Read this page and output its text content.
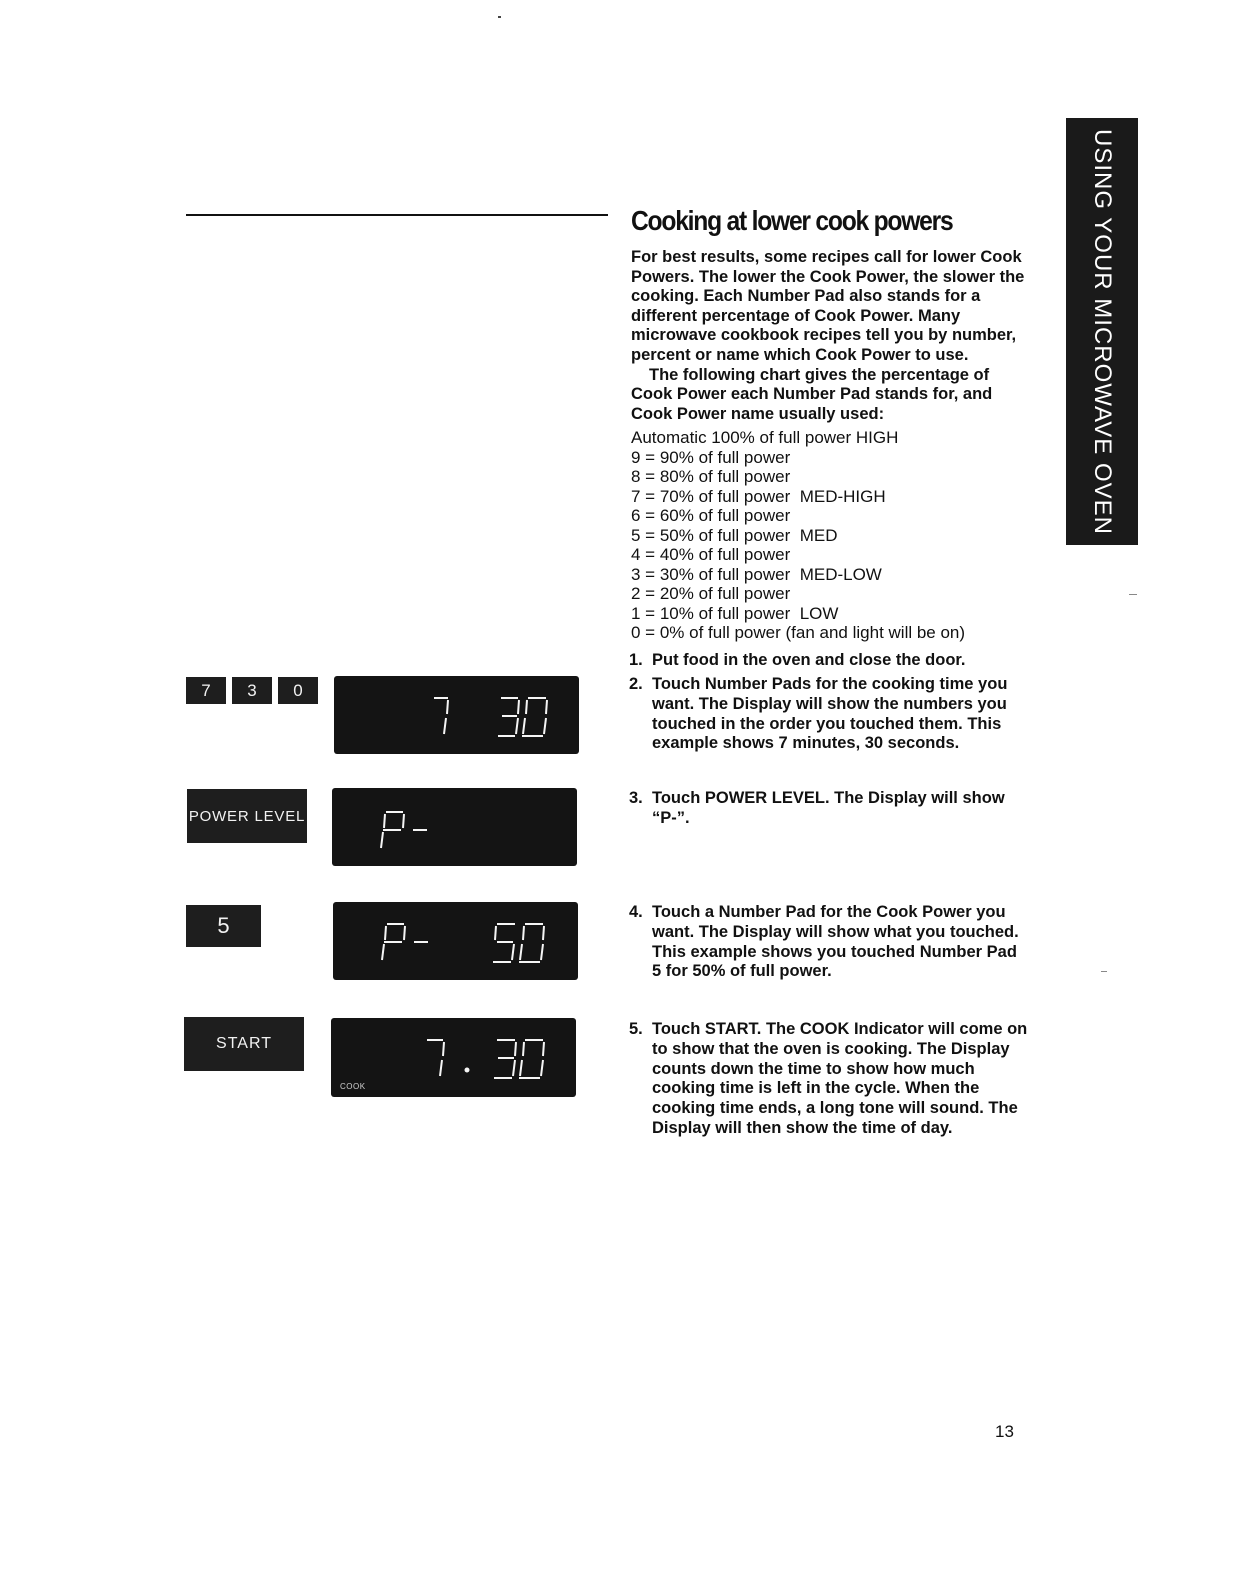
Cooking at lower cook powers

For best results, some recipes call for lower Cook Powers. The lower the Cook Power, the slower the cooking. Each Number Pad also stands for a different percentage of Cook Power. Many microwave cookbook recipes tell you by number, percent or name which Cook Power to use.

The following chart gives the percentage of Cook Power each Number Pad stands for, and Cook Power name usually used:

Automatic 100% of full power HIGH
9 = 90% of full power
8 = 80% of full power
7 = 70% of full power MED-HIGH
6 = 60% of full power
5 = 50% of full power MED
4 = 40% of full power
3 = 30% of full power MED-LOW
2 = 20% of full power
1 = 10% of full power LOW
0 = 0% of full power (fan and light will be on)
1. Put food in the oven and close the door.
2. Touch Number Pads for the cooking time you want. The Display will show the numbers you touched in the order you touched them. This example shows 7 minutes, 30 seconds.
3. Touch POWER LEVEL. The Display will show “P-”.
4. Touch a Number Pad for the Cook Power you want. The Display will show what you touched. This example shows you touched Number Pad 5 for 50% of full power.
5. Touch START. The COOK Indicator will come on to show that the oven is cooking. The Display counts down the time to show how much cooking time is left in the cycle. When the cooking time ends, a long tone will sound. The Display will then show the time of day.
USING YOUR MICROWAVE OVEN
7	3	0
POWER LEVEL
5
START
COOK
13
